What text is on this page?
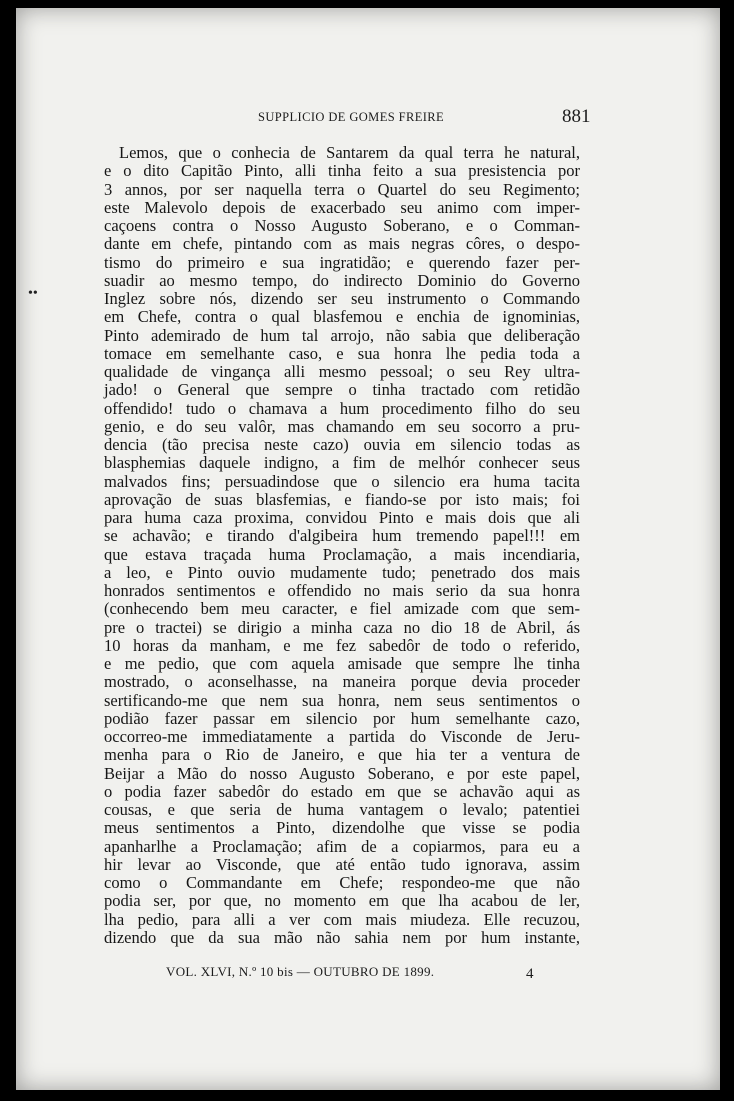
SUPPLICIO DE GOMES FREIRE	881
••
Lemos, que o conhecia de Santarem da qual terra he natural,
e o dito Capitão Pinto, alli tinha feito a sua presistencia por
3 annos, por ser naquella terra o Quartel do seu Regimento;
este Malevolo depois de exacerbado seu animo com imper-
caçoens contra o Nosso Augusto Soberano, e o Comman-
dante em chefe, pintando com as mais negras côres, o despo-
tismo do primeiro e sua ingratidão; e querendo fazer per-
suadir ao mesmo tempo, do indirecto Dominio do Governo
Inglez sobre nós, dizendo ser seu instrumento o Commando
em Chefe, contra o qual blasfemou e enchia de ignominias,
Pinto ademirado de hum tal arrojo, não sabia que deliberação
tomace em semelhante caso, e sua honra lhe pedia toda a
qualidade de vingança alli mesmo pessoal; o seu Rey ultra-
jado! o General que sempre o tinha tractado com retidão
offendido! tudo o chamava a hum procedimento filho do seu
genio, e do seu valôr, mas chamando em seu socorro a pru-
dencia (tão precisa neste cazo) ouvia em silencio todas as
blasphemias daquele indigno, a fim de melhór conhecer seus
malvados fins; persuadindose que o silencio era huma tacita
aprovação de suas blasfemias, e fiando-se por isto mais; foi
para huma caza proxima, convidou Pinto e mais dois que ali
se achavão; e tirando d'algibeira hum tremendo papel!!! em
que estava traçada huma Proclamação, a mais incendiaria,
a leo, e Pinto ouvio mudamente tudo; penetrado dos mais
honrados sentimentos e offendido no mais serio da sua honra
(conhecendo bem meu caracter, e fiel amizade com que sem-
pre o tractei) se dirigio a minha caza no dio 18 de Abril, ás
10 horas da manham, e me fez sabedôr de todo o referido,
e me pedio, que com aquela amisade que sempre lhe tinha
mostrado, o aconselhasse, na maneira porque devia proceder
sertificando-me que nem sua honra, nem seus sentimentos o
podião fazer passar em silencio por hum semelhante cazo,
occorreo-me immediatamente a partida do Visconde de Jeru-
menha para o Rio de Janeiro, e que hia ter a ventura de
Beijar a Mão do nosso Augusto Soberano, e por este papel,
o podia fazer sabedôr do estado em que se achavão aqui as
cousas, e que seria de huma vantagem o levalo; patentiei
meus sentimentos a Pinto, dizendolhe que visse se podia
apanharlhe a Proclamação; afim de a copiarmos, para eu a
hir levar ao Visconde, que até então tudo ignorava, assim
como o Commandante em Chefe; respondeo-me que não
podia ser, por que, no momento em que lha acabou de ler,
lha pedio, para alli a ver com mais miudeza. Elle recuzou,
dizendo que da sua mão não sahia nem por hum instante,
VOL. XLVI, N.º 10 bis — OUTUBRO DE 1899.	4
